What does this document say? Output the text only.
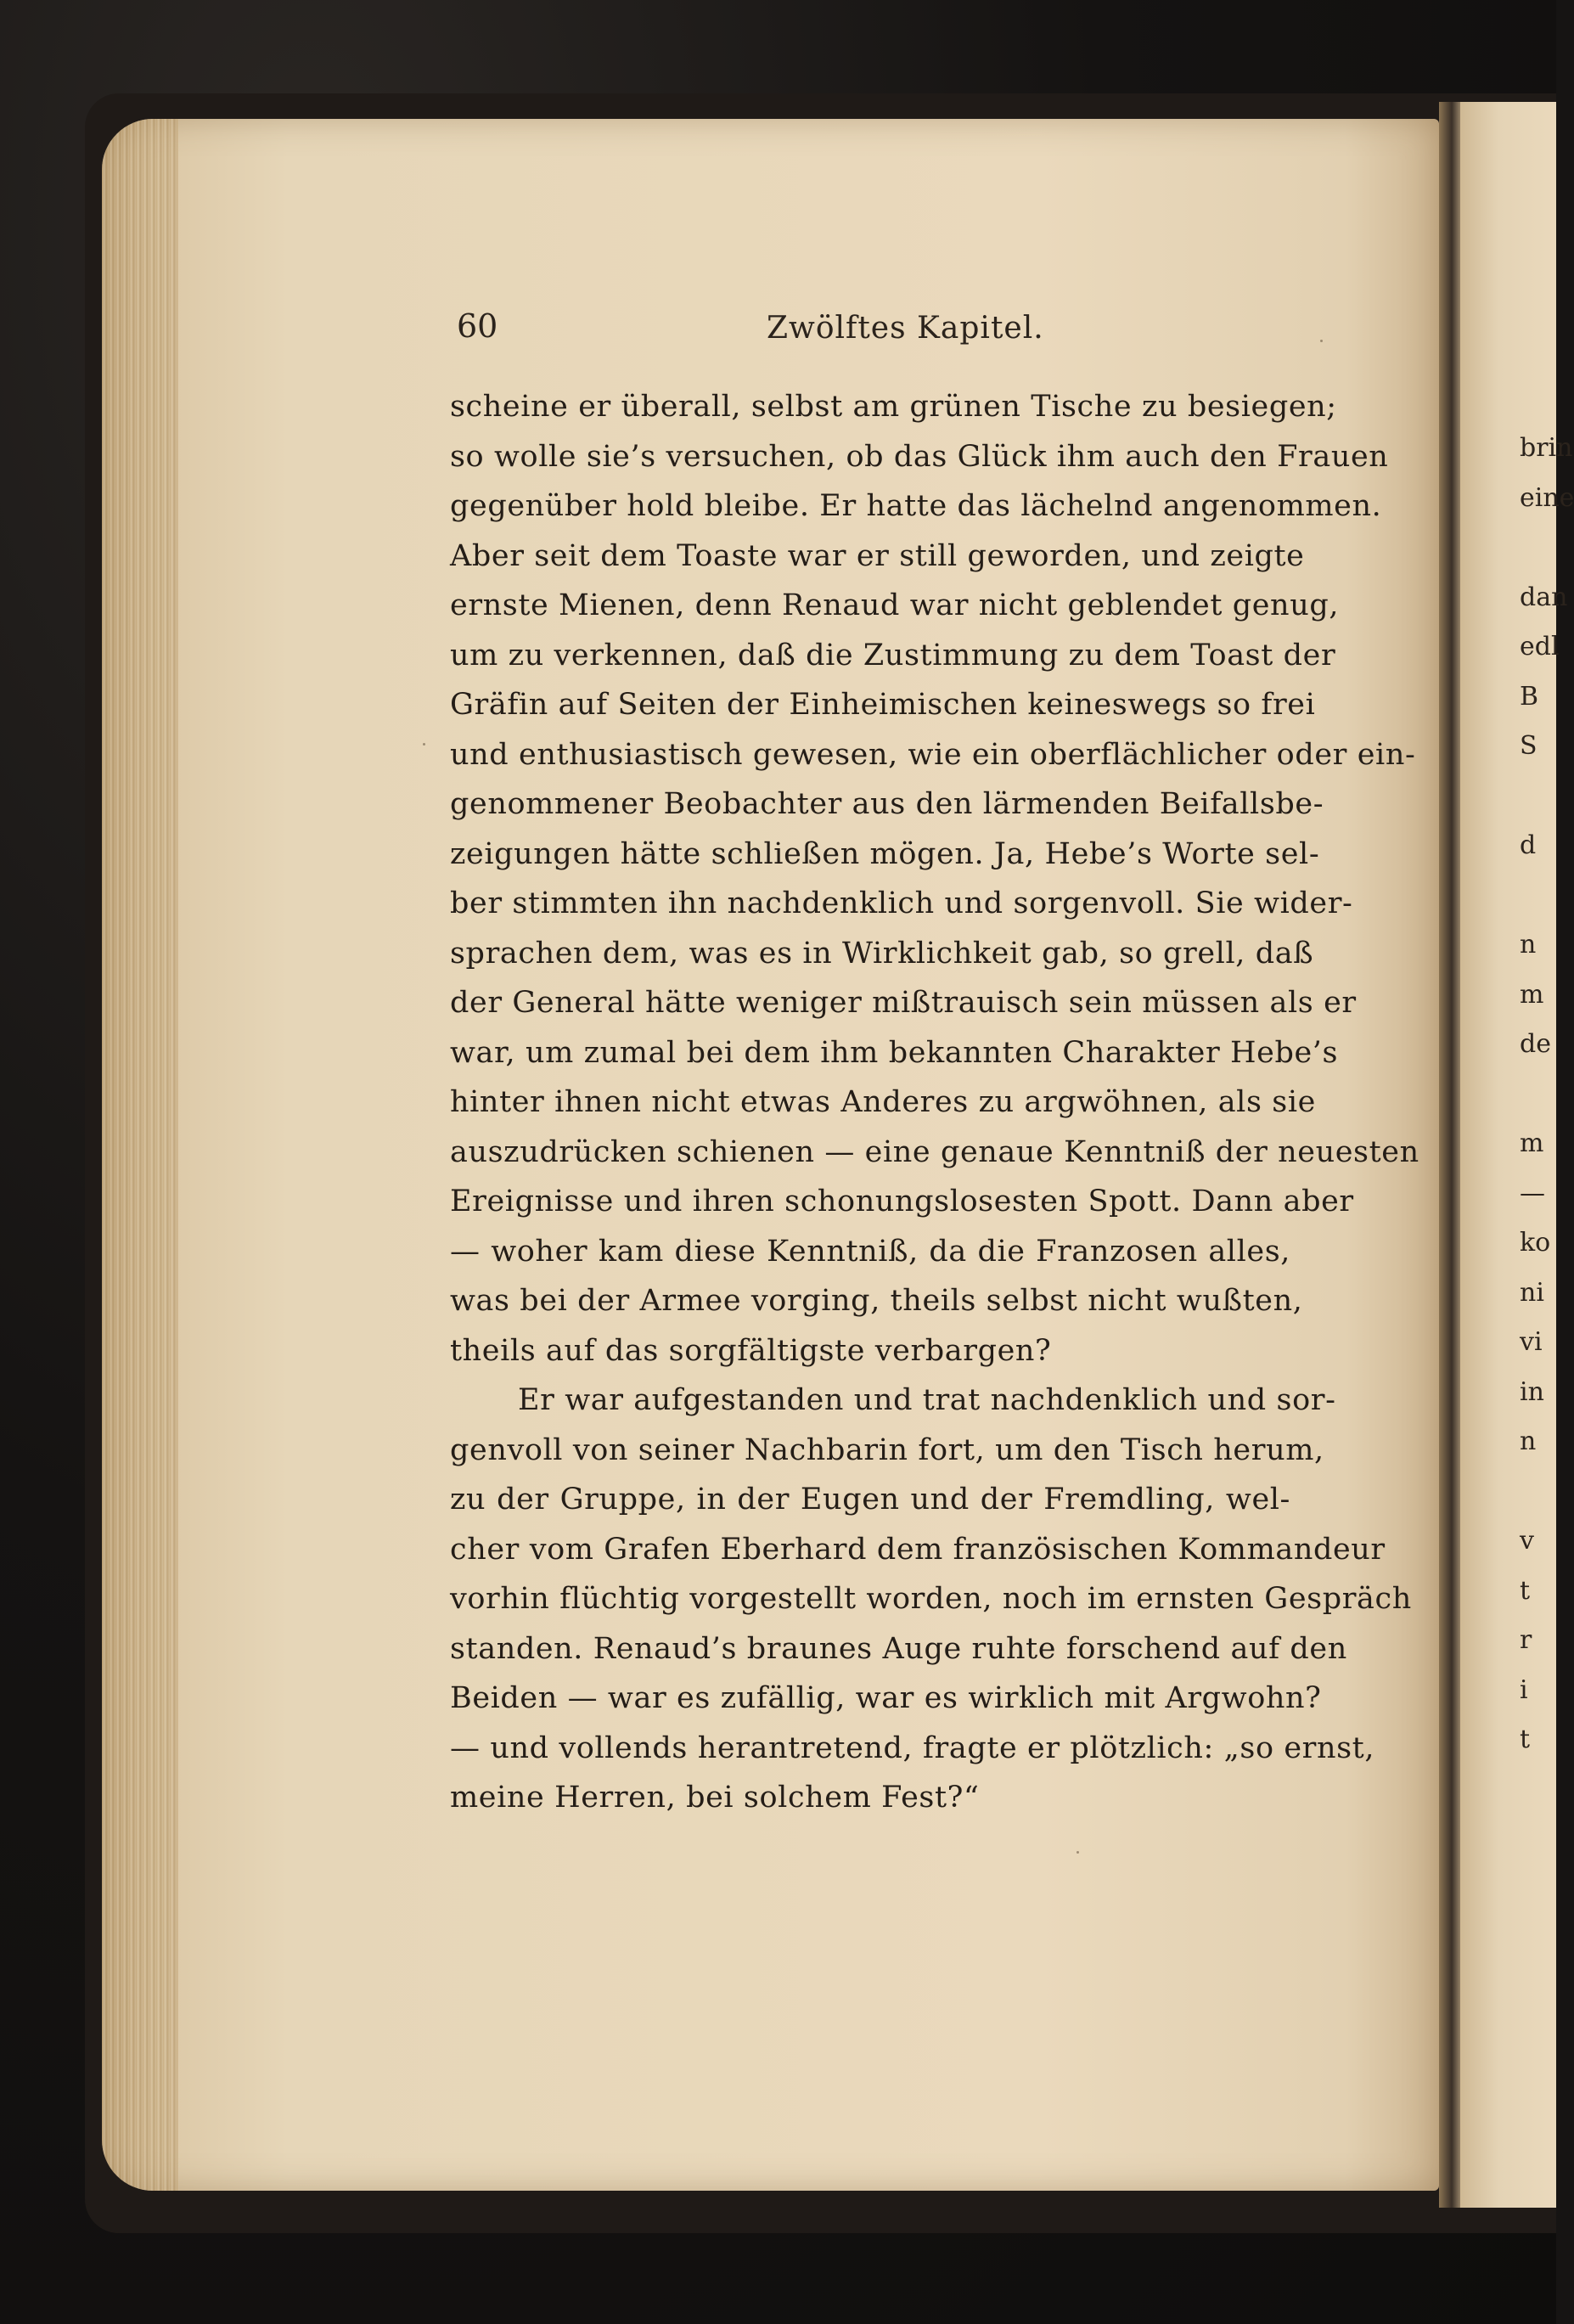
60	Zwölftes Kapitel.
scheine er überall, selbst am grünen Tische zu besiegen;
so wolle sie’s versuchen, ob das Glück ihm auch den Frauen
gegenüber hold bleibe. Er hatte das lächelnd angenommen.
Aber seit dem Toaste war er still geworden, und zeigte
ernste Mienen, denn Renaud war nicht geblendet genug,
um zu verkennen, daß die Zustimmung zu dem Toast der
Gräfin auf Seiten der Einheimischen keineswegs so frei
und enthusiastisch gewesen, wie ein oberflächlicher oder ein-
genommener Beobachter aus den lärmenden Beifallsbe-
zeigungen hätte schließen mögen. Ja, Hebe’s Worte sel-
ber stimmten ihn nachdenklich und sorgenvoll. Sie wider-
sprachen dem, was es in Wirklichkeit gab, so grell, daß
der General hätte weniger mißtrauisch sein müssen als er
war, um zumal bei dem ihm bekannten Charakter Hebe’s
hinter ihnen nicht etwas Anderes zu argwöhnen, als sie
auszudrücken schienen — eine genaue Kenntniß der neuesten
Ereignisse und ihren schonungslosesten Spott. Dann aber
— woher kam diese Kenntniß, da die Franzosen alles,
was bei der Armee vorging, theils selbst nicht wußten,
theils auf das sorgfältigste verbargen?
Er war aufgestanden und trat nachdenklich und sor-
genvoll von seiner Nachbarin fort, um den Tisch herum,
zu der Gruppe, in der Eugen und der Fremdling, wel-
cher vom Grafen Eberhard dem französischen Kommandeur
vorhin flüchtig vorgestellt worden, noch im ernsten Gespräch
standen. Renaud’s braunes Auge ruhte forschend auf den
Beiden — war es zufällig, war es wirklich mit Argwohn?
— und vollends herantretend, fragte er plötzlich: „so ernst,
meine Herren, bei solchem Fest?“
brin
eine
dan
edl
B
S
d
n
m
de
m
—
ko
ni
vi
in
n
v
t
r
i
t
